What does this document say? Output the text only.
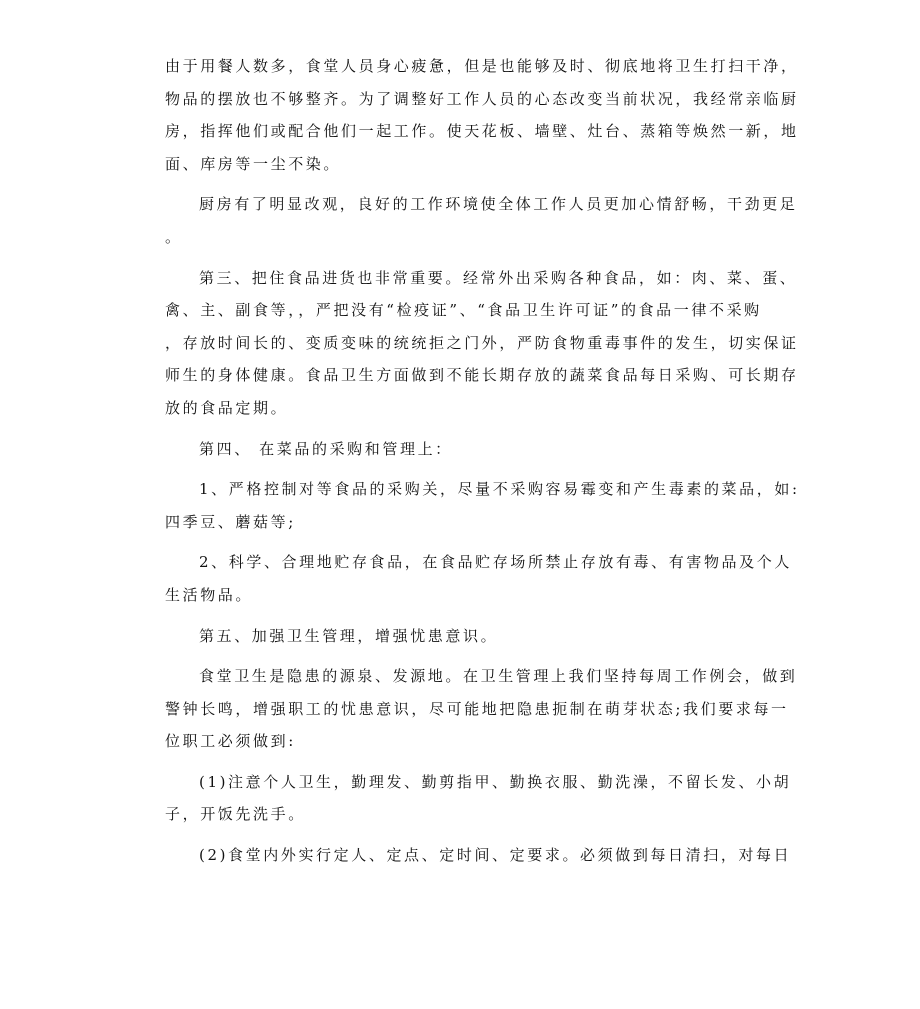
由于用餐人数多，食堂人员身心疲惫，但是也能够及时、彻底地将卫生打扫干净，
物品的摆放也不够整齐。为了调整好工作人员的心态改变当前状况，我经常亲临厨
房，指挥他们或配合他们一起工作。使天花板、墙壁、灶台、蒸箱等焕然一新，地
面、库房等一尘不染。

厨房有了明显改观，良好的工作环境使全体工作人员更加心情舒畅，干劲更足
。

第三、把住食品进货也非常重要。经常外出采购各种食品，如：肉、菜、蛋、
禽、主、副食等，，严把没有“检疫证”、“食品卫生许可证”的食品一律不采购
，存放时间长的、变质变味的统统拒之门外，严防食物重毒事件的发生，切实保证
师生的身体健康。食品卫生方面做到不能长期存放的蔬菜食品每日采购、可长期存
放的食品定期。

第四、 在菜品的采购和管理上：

1、严格控制对等食品的采购关，尽量不采购容易霉变和产生毒素的菜品，如:
四季豆、蘑菇等;

2、科学、合理地贮存食品，在食品贮存场所禁止存放有毒、有害物品及个人
生活物品。

第五、加强卫生管理，增强忧患意识。

食堂卫生是隐患的源泉、发源地。在卫生管理上我们坚持每周工作例会，做到
警钟长鸣，增强职工的忧患意识，尽可能地把隐患扼制在萌芽状态;我们要求每一
位职工必须做到:

(1)注意个人卫生，勤理发、勤剪指甲、勤换衣服、勤洗澡，不留长发、小胡
子，开饭先洗手。

(2)食堂内外实行定人、定点、定时间、定要求。必须做到每日清扫，对每日
